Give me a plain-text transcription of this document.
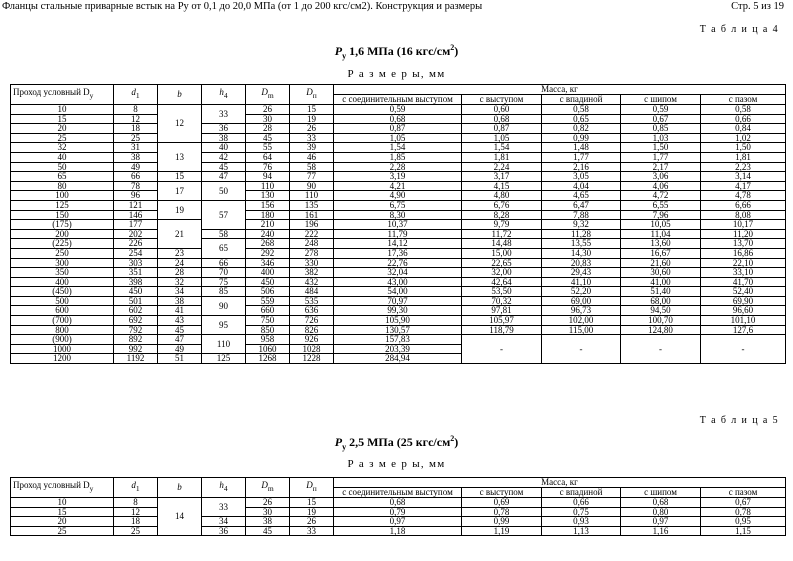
Фланцы стальные приварные встык на Ру от 0,1 до 20,0 МПа (от 1 до 200 кгс/см2). Конструкция и размеры	Стр. 5 из 19
Т а б л и ц а 4
$P_у$ 1,6 МПа (16 кгс/$см^2$)
Р а з м е р ы, мм
Проход условный $D_у$	$d_1$	b	$h_4$	$D_m$	$D_п$	Масса, кг				
						с соединительным выступом	с выступом	с впадиной	с шипом	с пазом
10	8	12	33	26	15	0,59	0,60	0,58	0,59	0,58
15	12			30	19	0,68	0,68	0,65	0,67	0,66
20	18		36	28	26	0,87	0,87	0,82	0,85	0,84
25	25		38	45	33	1,05	1,05	0,99	1,03	1,02
32	31	13	40	55	39	1,54	1,54	1,48	1,50	1,50
40	38		42	64	46	1,85	1,81	1,77	1,77	1,81
50	49		45	76	58	2,28	2,24	2,16	2,17	2,23
65	66	15	47	94	77	3,19	3,17	3,05	3,06	3,14
80	78	17	50	110	90	4,21	4,15	4,04	4,06	4,17
100	96			130	110	4,90	4,80	4,65	4,72	4,78
125	121	19	57	156	135	6,75	6,76	6,47	6,55	6,66
150	146			180	161	8,30	8,28	7,88	7,96	8,08
(175)	177	21		210	196	10,37	9,79	9,32	10,05	10,17
200	202		58	240	222	11,79	11,72	11,28	11,04	11,20
(225)	226		65	268	248	14,12	14,48	13,55	13,60	13,70
250	254	23		292	278	17,36	15,00	14,30	16,67	16,86
300	303	24	66	346	330	22,76	22,65	20,83	21,60	22,10
350	351	28	70	400	382	32,04	32,00	29,43	30,60	33,10
400	398	32	75	450	432	43,00	42,64	41,10	41,00	41,70
(450)	450	34	85	506	484	54,00	53,50	52,20	51,40	52,40
500	501	38	90	559	535	70,97	70,32	69,00	68,00	69,90
600	602	41		660	636	99,30	97,81	96,73	94,50	96,60
(700)	692	43	95	750	726	105,90	105,97	102,00	100,70	101,10
800	792	45		850	826	130,57	118,79	115,00	124,80	127,6
(900)	892	47	110	958	926	157,83	-	-	-	-
1000	992	49		1060	1028	203,39				
1200	1192	51	125	1268	1228	284,94				
Т а б л и ц а 5
$P_у$ 2,5 МПа (25 кгс/$см^2$)
Р а з м е р ы, мм
Проход условный $D_у$	$d_1$	b	$h_4$	$D_m$	$D_п$	Масса, кг				
						с соединительным выступом	с выступом	с впадиной	с шипом	с пазом
10	8	14	33	26	15	0,68	0,69	0,66	0,68	0,67
15	12			30	19	0,79	0,78	0,75	0,80	0,78
20	18		34	38	26	0,97	0,99	0,93	0,97	0,95
25	25		36	45	33	1,18	1,19	1,13	1,16	1,15
